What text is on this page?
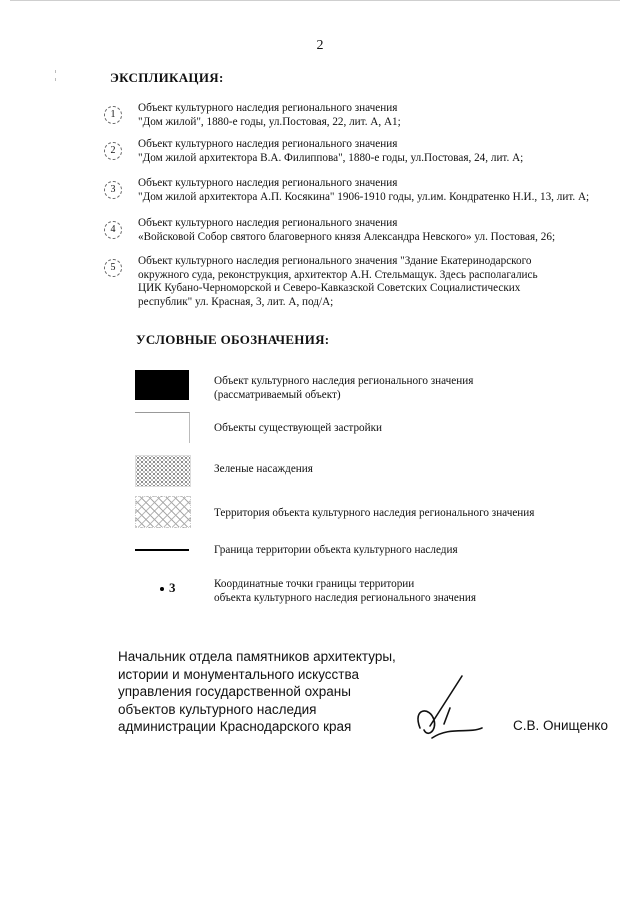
2
ЭКСПЛИКАЦИЯ:
1
Объект культурного наследия регионального значения
"Дом жилой", 1880-е годы, ул.Постовая, 22, лит. А, А1;
2
Объект культурного наследия регионального значения
"Дом жилой архитектора В.А. Филиппова", 1880-е годы, ул.Постовая, 24, лит. А;
3
Объект культурного наследия регионального значения
"Дом жилой архитектора А.П. Косякина" 1906-1910 годы, ул.им. Кондратенко Н.И., 13, лит. А;
4
Объект культурного наследия регионального значения
«Войсковой Собор святого благоверного князя Александра Невского» ул. Постовая, 26;
5
Объект культурного наследия регионального значения "Здание Екатеринодарского
окружного суда, реконструкция, архитектор А.Н. Стельмащук. Здесь располагались
ЦИК Кубано-Черноморской и Северо-Кавказской Советских Социалистических
республик" ул. Красная, 3, лит. А, под/А;
УСЛОВНЫЕ ОБОЗНАЧЕНИЯ:
Объект культурного наследия регионального значения
(рассматриваемый объект)
Объекты существующей застройки
Зеленые насаждения
Территория объекта культурного наследия регионального значения
Граница территории объекта культурного наследия
3	Координатные точки границы территории
объекта культурного наследия регионального значения
Начальник отдела памятников архитектуры,
истории и монументального искусства
управления государственной охраны
объектов культурного наследия
администрации Краснодарского края	С.В. Онищенко
